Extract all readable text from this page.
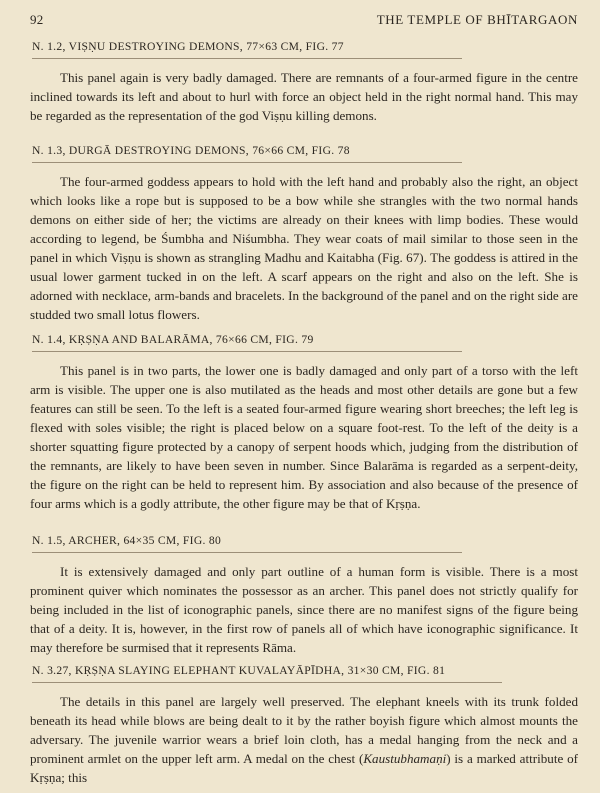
92	THE TEMPLE OF BHĪTARGAON
N. 1.2, VIṢṆU DESTROYING DEMONS, 77×63 CM, FIG. 77

This panel again is very badly damaged. There are remnants of a four-armed figure in the centre inclined towards its left and about to hurl with force an object held in the right normal hand. This may be regarded as the representation of the god Viṣṇu killing demons.

N. 1.3, DURGĀ DESTROYING DEMONS, 76×66 CM, FIG. 78

The four-armed goddess appears to hold with the left hand and probably also the right, an object which looks like a rope but is supposed to be a bow while she strangles with the two normal hands demons on either side of her; the victims are already on their knees with limp bodies. These would according to legend, be Śumbha and Niśumbha. They wear coats of mail similar to those seen in the panel in which Viṣṇu is shown as strangling Madhu and Kaitabha (Fig. 67). The goddess is attired in the usual lower garment tucked in on the left. A scarf appears on the right and also on the left. She is adorned with necklace, arm-bands and bracelets. In the background of the panel and on the right side are studded two small lotus flowers.

N. 1.4, KṚṢṆA AND BALARĀMA, 76×66 CM, FIG. 79

This panel is in two parts, the lower one is badly damaged and only part of a torso with the left arm is visible. The upper one is also mutilated as the heads and most other details are gone but a few features can still be seen. To the left is a seated four-armed figure wearing short breeches; the left leg is flexed with soles visible; the right is placed below on a square foot-rest. To the left of the deity is a shorter squatting figure protected by a canopy of serpent hoods which, judging from the distribution of the remnants, are likely to have been seven in number. Since Balarāma is regarded as a serpent-deity, the figure on the right can be held to represent him. By association and also because of the presence of four arms which is a godly attribute, the other figure may be that of Kṛṣṇa.

N. 1.5, ARCHER, 64×35 CM, FIG. 80

It is extensively damaged and only part outline of a human form is visible. There is a most prominent quiver which nominates the possessor as an archer. This panel does not strictly qualify for being included in the list of iconographic panels, since there are no manifest signs of the figure being that of a deity. It is, however, in the first row of panels all of which have iconographic significance. It may therefore be surmised that it represents Rāma.

N. 3.27, KṚṢṆA SLAYING ELEPHANT KUVALAYĀPĪDHA, 31×30 CM, FIG. 81

The details in this panel are largely well preserved. The elephant kneels with its trunk folded beneath its head while blows are being dealt to it by the rather boyish figure which almost mounts the adversary. The juvenile warrior wears a brief loin cloth, has a medal hanging from the neck and a prominent armlet on the upper left arm. A medal on the chest (Kaustubhamaṇi) is a marked attribute of Kṛṣṇa; this
